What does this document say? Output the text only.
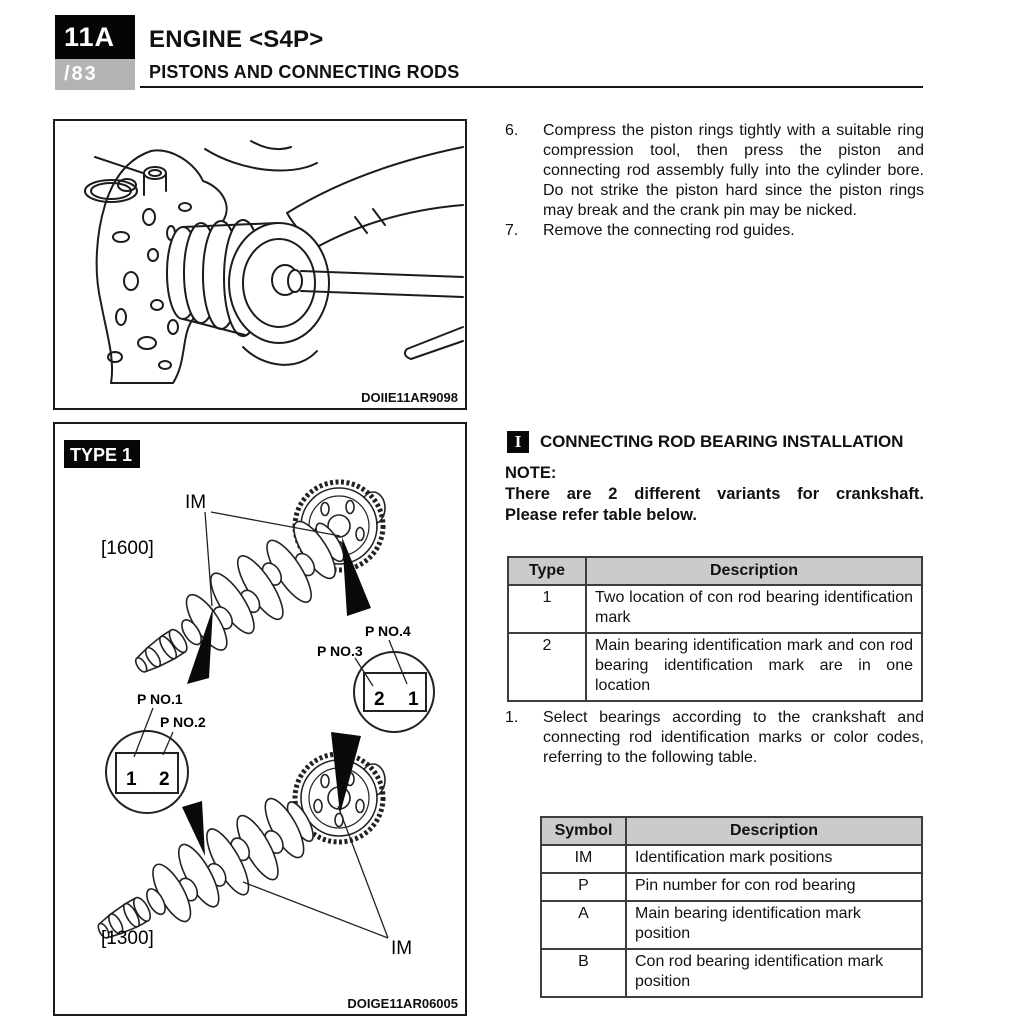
11A
/83
ENGINE <S4P>
PISTONS AND CONNECTING RODS
DOIIE11AR9098
2 1
1 2
TYPE 1
IM
[1600]
P NO.4
P NO.3
P NO.1
P NO.2
[1300]	IM
DOIGE11AR06005
6.	Compress the piston rings tightly with a suitable ring compression tool, then press the piston and connecting rod assembly fully into the cylinder bore. Do not strike the piston hard since the piston rings may break and the crank pin may be nicked.
7.	Remove the connecting rod guides.
I	CONNECTING ROD BEARING INSTALLATION
NOTE:
There are 2 different variants for crankshaft.
Please refer table below.
Type	Description
1	Two location of con rod bearing identification mark
2	Main bearing identification mark and con rod bearing identification mark are in one location
1.	Select bearings according to the crankshaft and connecting rod identification marks or color codes, referring to the following table.
Symbol	Description
IM	Identification mark positions
P	Pin number for con rod bearing
A	Main bearing identification mark position
B	Con rod bearing identification mark position
